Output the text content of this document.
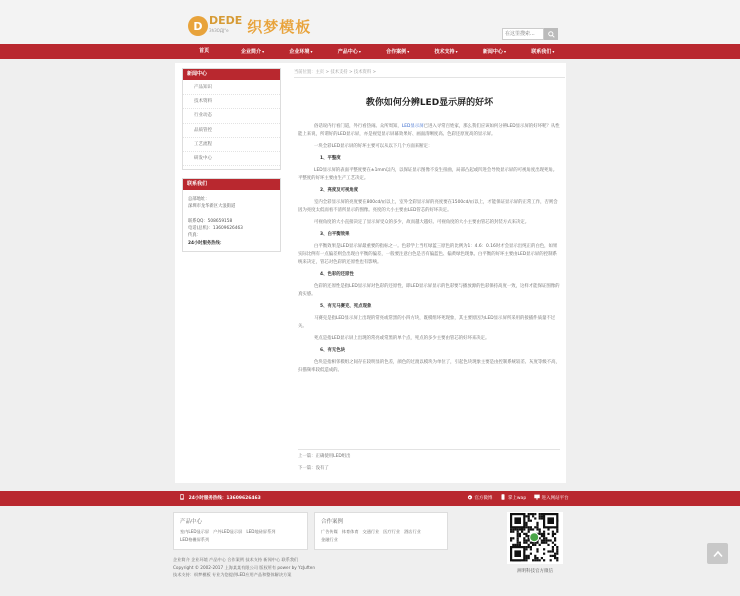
D DEDE
ЗһЗОДЈ°е	织梦模板
在这里搜索...
首页	企业简介▾	企业环境▾	产品中心▾	合作案例▾	技术支持▾	新闻中心▾	联系我们▾
新闻中心
产品知识
技术资料
行业动态
品质管控
工艺流程
研发中心
联系我们
总部地址：
深圳市龙华新区大浪街道

联系QQ：508659158
电话(总机)：13609626463
传真：
24小时服务热线：
当前位置：主页 > 技术支持 > 技术资料 >
教你如何分辨LED显示屏的好坏

俗话说内行看门道，外行看热闹。众所周知，LED显示屏已进入寻常百姓家，那么我们应该如何分辨LED显示屏的好坏呢？从性能上来说，所谓好的LED显示屏，亦是视觉显示屏幕效果好、画面清晰度高、色彩还原度高的显示屏。

一块全彩LED显示屏的好坏主要可以从以下几个方面来断定：

1、平整度

LED显示屏的表面平整度要在±1mm以内，以保证显示图像不发生扭曲，局部凸起或凹进会导致显示屏的可视角度出现死角。平整度的好坏主要由生产工艺决定。

2、亮度及可视角度

室内全彩显示屏的亮度要在800cd/㎡以上，室外全彩显示屏的亮度要在1500cd/㎡以上，才能保证显示屏的正常工作，否则会因为亮度太低而看不清所显示的图像。亮度的大小主要由LED管芯的好坏决定。

可视角度的大小直接决定了显示屏受众的多少，故而越大越好。可视角度的大小主要由管芯的封装方式来决定。

3、白平衡效果

白平衡效果是LED显示屏最重要的指标之一。色彩学上当红绿蓝三原色的比例为1：4.6：0.16时才会显示出纯正的白色，如果实际比例有一点偏差则会出现白平衡的偏差，一般要注意白色是否有偏蓝色、偏黄绿色现象。白平衡的好坏主要由LED显示屏的控制系统来决定，管芯对色彩的还原性也有影响。

4、色彩的还原性

色彩的还原性是指LED显示屏对色彩的还原性，即LED显示屏显示的色彩要与播放源的色彩保持高度一致，这样才能保证图像的真实感。

5、有无马赛克、死点现象

马赛克是指LED显示屏上出现的常亮或常黑的小四方块，既模组坏死现象，其主要原因为LED显示屏所采用的接插件质量不过关。

死点是指LED显示屏上出现的常亮或常黑的单个点，死点的多少主要由管芯的好坏来决定。

6、有无色块

色块是指相邻模组之间存在较明显的色差，颜色的过渡以模块为单位了，引起色块现象主要是由控制系统较差、灰度等级不高，扫描频率较低造成的。

上一篇：正确使用LED组出
下一篇：没有了
24小时服务热线：13609626463	官方微博	掌上wap	进入网站平台
产品中心
室内LED显示屏 户外LED显示屏 LED地砖屏系列LED格栅屏系列
合作案例
广告传媒 体育体育 交通行业 医疗行业 酒店行业金融行业
洲明科技官方微信
企业简介 企业环境 产品中心 合作案例 技术支持 新闻中心 联系我们
Copyright © 2002-2017 上海某某有限公司 版权所有 power by YzJuften
技术支持：织梦模板 专业为您提供LED应用产品和整体解决方案
